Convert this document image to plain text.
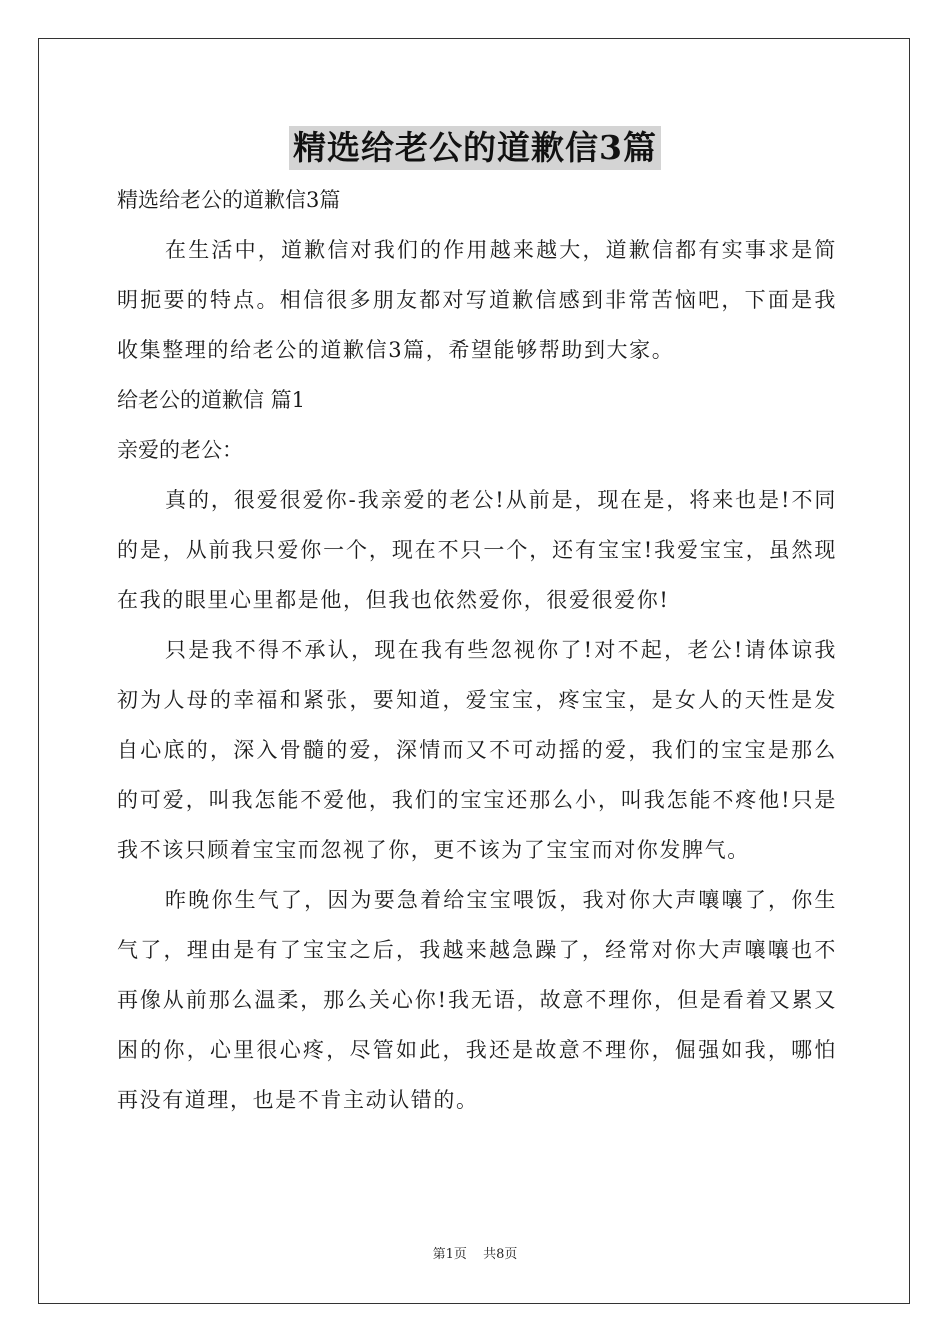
精选给老公的道歉信3篇

精选给老公的道歉信3篇

在生活中，道歉信对我们的作用越来越大，道歉信都有实事求是简明扼要的特点。相信很多朋友都对写道歉信感到非常苦恼吧，下面是我收集整理的给老公的道歉信3篇，希望能够帮助到大家。

给老公的道歉信 篇1

亲爱的老公：

真的，很爱很爱你-我亲爱的老公!从前是，现在是，将来也是!不同的是，从前我只爱你一个，现在不只一个，还有宝宝!我爱宝宝，虽然现在我的眼里心里都是他，但我也依然爱你，很爱很爱你!

只是我不得不承认，现在我有些忽视你了!对不起，老公!请体谅我初为人母的幸福和紧张，要知道，爱宝宝，疼宝宝，是女人的天性是发自心底的，深入骨髓的爱，深情而又不可动摇的爱，我们的宝宝是那么的可爱，叫我怎能不爱他，我们的宝宝还那么小，叫我怎能不疼他!只是我不该只顾着宝宝而忽视了你，更不该为了宝宝而对你发脾气。

昨晚你生气了，因为要急着给宝宝喂饭，我对你大声嚷嚷了，你生气了，理由是有了宝宝之后，我越来越急躁了，经常对你大声嚷嚷也不再像从前那么温柔，那么关心你!我无语，故意不理你，但是看着又累又困的你，心里很心疼，尽管如此，我还是故意不理你，倔强如我，哪怕再没有道理，也是不肯主动认错的。

第1页 共8页
